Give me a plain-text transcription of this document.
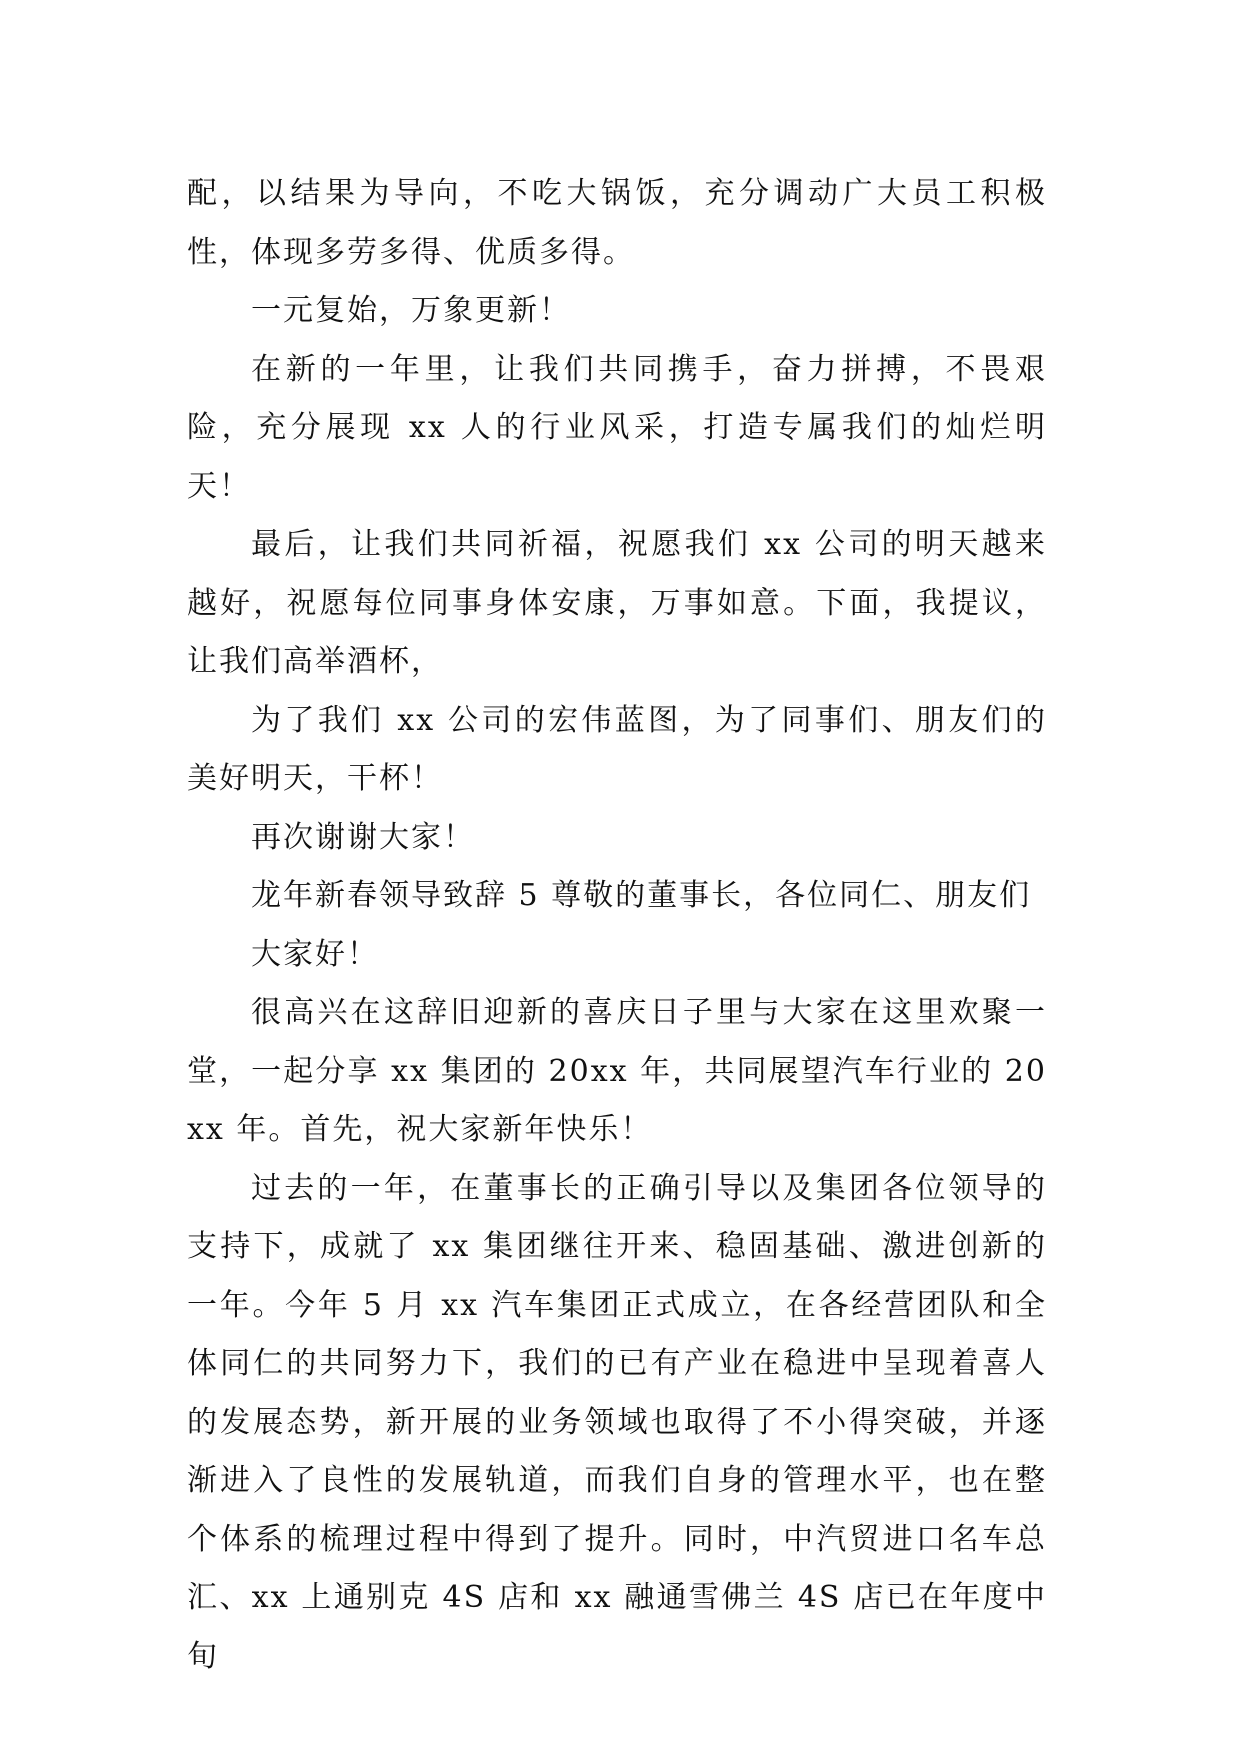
配，以结果为导向，不吃大锅饭，充分调动广大员工积极性，体现多劳多得、优质多得。

一元复始，万象更新！

在新的一年里，让我们共同携手，奋力拼搏，不畏艰险，充分展现 xx 人的行业风采，打造专属我们的灿烂明天！

最后，让我们共同祈福，祝愿我们 xx 公司的明天越来越好，祝愿每位同事身体安康，万事如意。下面，我提议，让我们高举酒杯，

为了我们 xx 公司的宏伟蓝图，为了同事们、朋友们的美好明天，干杯！

再次谢谢大家！

龙年新春领导致辞 5 尊敬的董事长，各位同仁、朋友们

大家好！

很高兴在这辞旧迎新的喜庆日子里与大家在这里欢聚一堂，一起分享 xx 集团的 20xx 年，共同展望汽车行业的 20xx 年。首先，祝大家新年快乐！

过去的一年，在董事长的正确引导以及集团各位领导的支持下，成就了 xx 集团继往开来、稳固基础、激进创新的一年。今年 5 月 xx 汽车集团正式成立，在各经营团队和全体同仁的共同努力下，我们的已有产业在稳进中呈现着喜人的发展态势，新开展的业务领域也取得了不小得突破，并逐渐进入了良性的发展轨道，而我们自身的管理水平，也在整个体系的梳理过程中得到了提升。同时，中汽贸进口名车总汇、xx 上通别克 4S 店和 xx 融通雪佛兰 4S 店已在年度中旬
